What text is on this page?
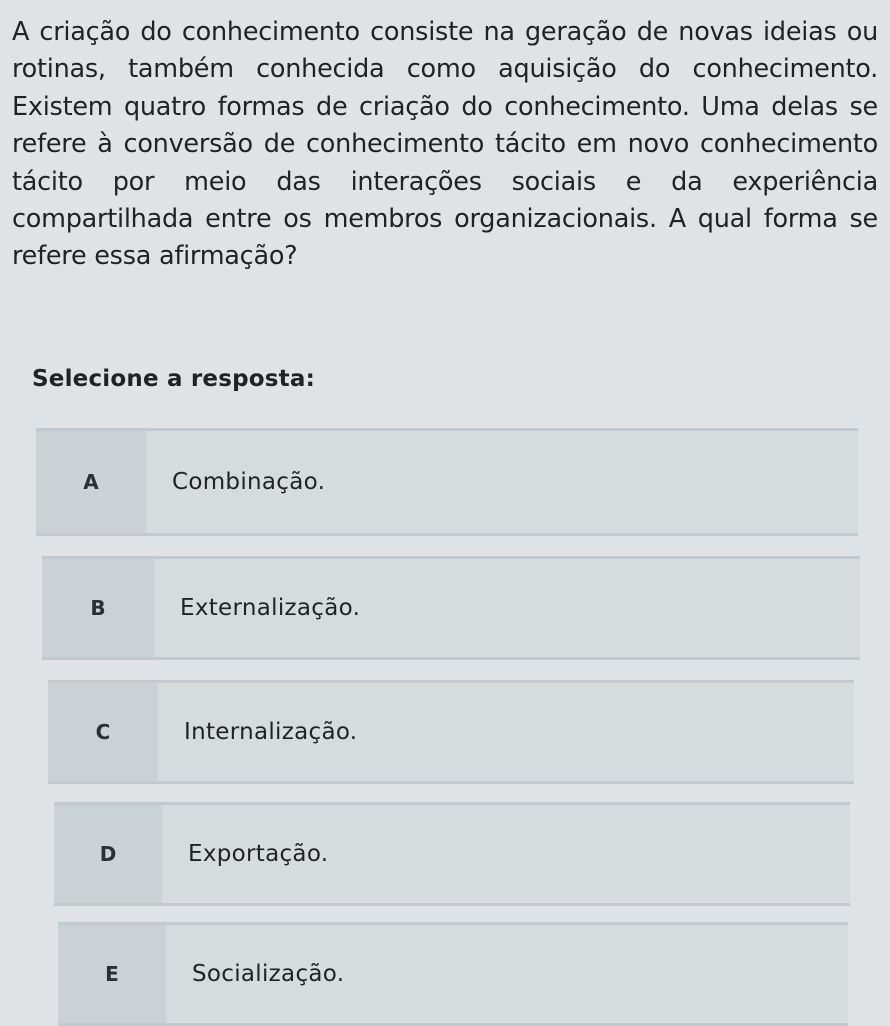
A criação do conhecimento consiste na geração de novas ideias ou rotinas, também conhecida como aquisição do conhecimento. Existem quatro formas de criação do conhecimento. Uma delas se refere à conversão de conhecimento tácito em novo conhecimento tácito por meio das interações sociais e da experiência compartilhada entre os membros organizacionais. A qual forma se refere essa afirmação?
Selecione a resposta:
A	Combinação.
B	Externalização.
C	Internalização.
D	Exportação.
E	Socialização.
